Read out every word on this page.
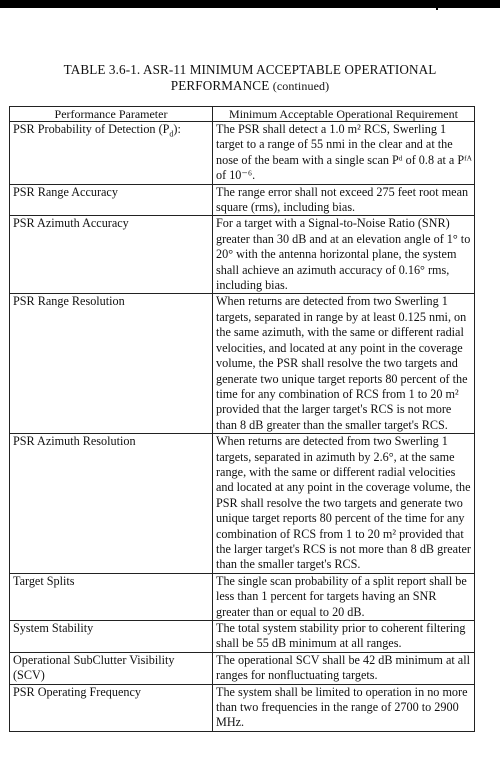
TABLE 3.6-1. ASR-11 MINIMUM ACCEPTABLE OPERATIONAL
PERFORMANCE (continued)
Performance Parameter	Minimum Acceptable Operational Requirement
PSR Probability of Detection $(P_d)$:	The PSR shall detect a 1.0 m² RCS, Swerling 1 target to a range of 55 nmi in the clear and at the nose of the beam with a single scan Pᵈ of 0.8 at a Pᶠᴬ of 10⁻⁶.
PSR Range Accuracy	The range error shall not exceed 275 feet root mean square (rms), including bias.
PSR Azimuth Accuracy	For a target with a Signal-to-Noise Ratio (SNR) greater than 30 dB and at an elevation angle of 1° to 20° with the antenna horizontal plane, the system shall achieve an azimuth accuracy of 0.16° rms, including bias.
PSR Range Resolution	When returns are detected from two Swerling 1 targets, separated in range by at least 0.125 nmi, on the same azimuth, with the same or different radial velocities, and located at any point in the coverage volume, the PSR shall resolve the two targets and generate two unique target reports 80 percent of the time for any combination of RCS from 1 to 20 m² provided that the larger target's RCS is not more than 8 dB greater than the smaller target's RCS.
PSR Azimuth Resolution	When returns are detected from two Swerling 1 targets, separated in azimuth by 2.6°, at the same range, with the same or different radial velocities and located at any point in the coverage volume, the PSR shall resolve the two targets and generate two unique target reports 80 percent of the time for any combination of RCS from 1 to 20 m² provided that the larger target's RCS is not more than 8 dB greater than the smaller target's RCS.
Target Splits	The single scan probability of a split report shall be less than 1 percent for targets having an SNR greater than or equal to 20 dB.
System Stability	The total system stability prior to coherent filtering shall be 55 dB minimum at all ranges.
Operational SubClutter Visibility (SCV)	The operational SCV shall be 42 dB minimum at all ranges for nonfluctuating targets.
PSR Operating Frequency	The system shall be limited to operation in no more than two frequencies in the range of 2700 to 2900 MHz.
